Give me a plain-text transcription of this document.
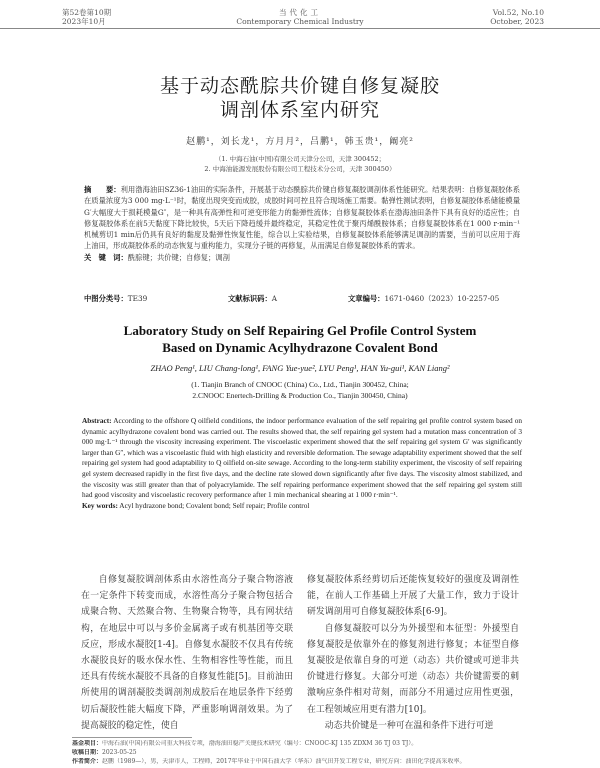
第52卷第10期
2023年10月
当代化工
Contemporary Chemical Industry
Vol.52, No.10
October, 2023
基于动态酰腙共价键自修复凝胶
调剖体系室内研究
赵鹏¹，刘长龙¹，方月月²，吕鹏¹，韩玉贵¹，阚亮²
（1. 中海石油(中国)有限公司天津分公司，天津 300452；
2. 中海油能源发展股份有限公司工程技术分公司，天津 300450）
摘　　要：利用渤海油田SZ36-1油田的实际条件，开展基于动态酰腙共价键自修复凝胶调剖体系性能研究。结果表明：自修复凝胶体系在质量浓度为3 000 mg·L⁻¹时，黏度出现突变而成胶，成胶时间可控且符合现场施工需要。黏弹性测试表明，自修复凝胶体系储能模量G′大幅度大于损耗模量G″，是一种具有高弹性和可逆变形能力的黏弹性流体；自修复凝胶体系在渤海油田条件下具有良好的适应性；自修复凝胶体系在前5天黏度下降比较快，5天后下降趋缓并最终稳定，其稳定性优于聚丙烯酰胺体系；自修复凝胶体系在1 000 r·min⁻¹机械剪切1 min后仍具有良好的黏度及黏弹性恢复性能，综合以上实验结果，自修复凝胶体系能够满足调剖的需要，当前可以应用于海上油田，形成凝胶体系的动态恢复与重构能力，实现分子链的再修复，从而满足自修复凝胶体系的需求。
关　键　词：酰腙键；共价键；自修复；调剖
中图分类号：TE39	文献标识码：A	文章编号：1671-0460（2023）10-2257-05
Laboratory Study on Self Repairing Gel Profile Control System
Based on Dynamic Acylhydrazone Covalent Bond
ZHAO Peng¹, LIU Chang-long¹, FANG Yue-yue², LYU Peng¹, HAN Yu-gui¹, KAN Liang²
(1. Tianjin Branch of CNOOC (China) Co., Ltd., Tianjin 300452, China;
2.CNOOC Enertech-Drilling & Production Co., Tianjin 300450, China)
Abstract: According to the offshore Q oilfield conditions, the indoor performance evaluation of the self repairing gel profile control system based on dynamic acylhydrazone covalent bond was carried out. The results showed that, the self repairing gel system had a mutation mass concentration of 3 000 mg·L⁻¹ through the viscosity increasing experiment. The viscoelastic experiment showed that the self repairing gel system G′ was significantly larger than G″, which was a viscoelastic fluid with high elasticity and reversible deformation. The sewage adaptability experiment showed that the self repairing gel system had good adaptability to Q oilfield on-site sewage. According to the long-term stability experiment, the viscosity of self repairing gel system decreased rapidly in the first five days, and the decline rate slowed down significantly after five days. The viscosity almost stabilized, and the viscosity was still greater than that of polyacrylamide. The self repairing performance experiment showed that the self repairing gel system still had good viscosity and viscoelastic recovery performance after 1 min mechanical shearing at 1 000 r·min⁻¹.
Key words: Acyl hydrazone bond; Covalent bond; Self repair; Profile control

自修复凝胶调剖体系由水溶性高分子聚合物溶液在一定条件下转变而成，水溶性高分子聚合物包括合成聚合物、天然聚合物、生物聚合物等，具有网状结构，在地层中可以与多价金属离子或有机基团等交联反应，形成水凝胶[1-4]。自修复水凝胶不仅具有传统水凝胶良好的吸水保水性、生物相容性等性能，而且还具有传统水凝胶不具备的自修复性能[5]。目前油田所使用的调剖凝胶类调剖剂成胶后在地层条件下经剪切后凝胶性能大幅度下降，严重影响调剖效果。为了提高凝胶的稳定性，使自

修复凝胶体系经剪切后还能恢复较好的强度及调剖性能，在前人工作基础上开展了大量工作，致力于设计研发调剖用可自修复凝胶体系[6-9]。

自修复凝胶可以分为外援型和本征型：外援型自修复凝胶是依靠外在的修复剂进行修复；本征型自修复凝胶是依靠自身的可逆（动态）共价键或可逆非共价键进行修复。大部分可逆（动态）共价键需要的刺激响应条件相对苛刻，而部分不用通过应用性更强，在工程领域应用更有潜力[10]。

动态共价键是一种可在温和条件下进行可逆

基金项目：中海石油(中国)有限公司重大科技专项，渤海油田稳产关键技术研究（编号：CNOOC-KJ 135 ZDXM 36 TJ 03 TJ）。
收稿日期：2023-05-25
作者简介：赵鹏（1989—），男，天津市人，工程师，2017年毕业于中国石油大学（华东）油气田开发工程专业，研究方向：油田化学提高采收率。
